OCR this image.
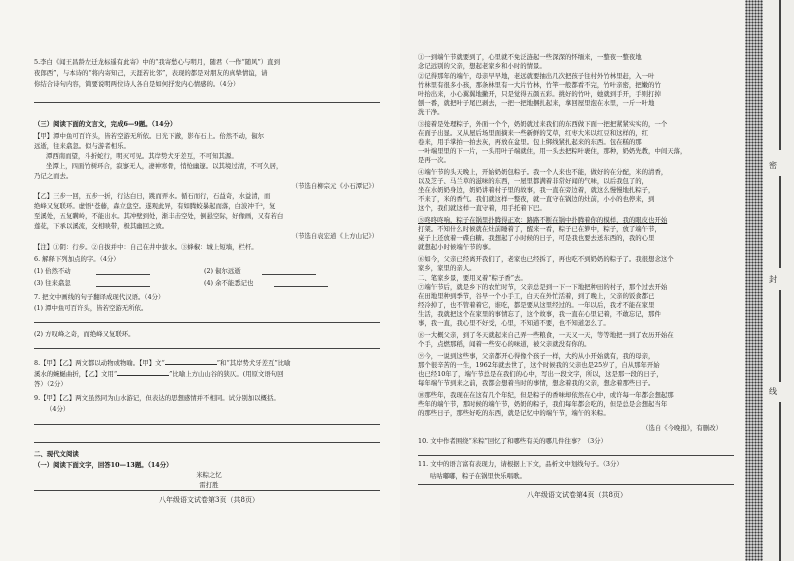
5.李白《闻王昌龄左迁龙标遥有此寄》中的“我寄愁心与明月，随君（一作“随风”）直到
夜郎西”，与本诗的“将内寄知己，天涯若比邻”，表现的都是对朋友的真挚情谊，请
你结合诗句内容，简要说明两位诗人各自是如何抒发内心情感的。（4分）
（三）阅读下面的文言文，完成6—9题。（14分）
【甲】潭中鱼可百许头，皆若空游无所依。日光下澈，影布石上。佁然不动，俶尔
远逝，往来翕忽。似与游者相乐。
潭西南而望，斗折蛇行，明灭可见。其岸势犬牙差互，不可知其源。
坐潭上，四面竹树环合，寂寥无人，凄神寒骨，悄怆幽邃。以其境过清，不可久居，
乃记之而去。
（节选自柳宗元《小石潭记》）
【乙】三步一回，五步一折，行达白日，跳而弄水。循石而行，石益奇，水益清，而
绝峰又复联环。虚悟¹苍藤，森立盘空。遂观此异，有如腾蛟暴起而落，白波冲千²，复
至溪处，五复瞒岭，不能出水。其冲壁到处，渐丰击空处，倒悬空际，好像画，又有若白
莲花，下承以溪流，交相映带，极其幽回之致。
（节选自袁宏道《上方山记》）
【注】①阴：行步。②自拔并中：自己在井中拔水。③蜂椒：城上短墙，栏杆。
6. 解释下列加点的字。（4分）
(1) 佁然不动	(2) 俶尔远逝
(3) 往来翕忽	(4) 余不能悉记也
7. 把文中画线的句子翻译成现代汉语。（4分）
(1) 潭中鱼可百许头，皆若空游无所依。
(2) 方叹峰之奇，而绝峰又复联环。
8.【甲】【乙】两文都以动物或物喻。【甲】文“	”和“其岸势犬牙差互”比喻
溪水的蜿蜒曲折，【乙】文用“	”比喻上方山山谷的狭仄。(用原文语句回
答）（2分）
9.【甲】【乙】两文虽然同为山水游记，但表达的思想感情并不相同。试分别加以概括。
（4分）
二、现代文阅读
（一）阅读下面文字，回答10—13题。（14分）
米粽之忆
雷打胜
八年级语文试卷第3页（共8页）
①一到端午节就要到了，心里就不免泛涟起一些深深的怀缅来，一整夜一整夜地
念记远别的父亲，想起老家乡和小时的情景。
②记得那年的端午，母亲早早地，老远就要抽出几次把孩子往村外竹林里赶，入一叶
竹林里有很多小孩，那条林里有一大片竹林，竹竿一般都看不完，竹叶亲密，把嫩的竹
叶抬出来，小心翼翼地撇开，只是觉得五颜五彩。挑好的竹叶，她就到手开，手则打掉
刨一番，就把叶子尾巴剥去，一把一把地捆扎起来，拿回屋里泡在水里，一斤一叶地
洗干净。
③接着是处理粽子，外面一个个，奶奶就过来我们的东西做下面一把把紧紧实实的，一个
在面子出显。又从屋后场里面摘来一些新鲜的艾草，红枣大米以红豆和这样的，红
卷来，用手掌拍一拍去灰，再放在盆里。包上绑线紧扎起来的东西。包在糕的那
一叶端里里的下一片，一头用叶子端就住，用一头去把粽叶裹住，那种，奶奶先教，中间天落，
是再一次。
④端午节的头天晚上，开始奶奶包粽子。我一个人来也不能，做好的在分配，米的清香，
以及芝子、马兰草的滋味的东西，一屋里都满着非常好闻的气味，以后我包了的，
坐在水奶奶身边，奶奶讲着村子里的故事，我一直在旁边着，就这么慢慢地扎粽子，
不来了，米的香气。我们就这样一整夜，就一直守在锅边的灶前，小小的也停来，到
这个，我们就这样一直守着，用手托着下巴。
⑤咚咚咚响，粽子在锅里扑腾得正欢：路路不断在锅中扑腾着你的模样，我的眼皮也开始
打架。不知什么时候就在灶前睡着了，醒来一看，粽子已在箩中，粽子，放了端午节，
桌子上还放着一碟白糖。我想起了小时候的日子，可是我也要去送东西的，我的心里
就想起小时候端午节的事。
⑥如今，父亲已经离开我们了，老家也已经拆了，再也吃不到奶奶的粽子了。我很想念这个
家乡，家里的亲人。
二、笔家乡景，要用叉着“粽子香”去。
⑦端午节后，就是乡下的农忙时节，父亲总是到一下一下地把种田的村子，那个过去开始
在田地里种到季节，谷早一个小手工，白天在外忙活着，到了晚上，父亲的饭食都已
经冷掉了，也不管着着它，谁吃，都是要从这里经过的。一年以后，我才不能在家里
生活，我就把这个在家里的事情忘了，这个故事，我一直在心里记着，不敢忘记，那件
事，我一直，我心里不好受，心里，不知道不要，也不知道怎么了。
⑧一大概父亲，到了冬天就起来自己弄一些粮食，一天又一天，等等地把一到了农历开始在
个手，点燃那稻，闻着一些安心的味道，被父亲就没有你的。
⑨今，一说到这些事，父亲都开心得像个孩子一样，大约从小开始就有，我的母亲，
那个很辛苦的一生，1962年就去世了，这个时候我的父亲也是25岁了，自从那年开始
也已经10年了，端午节总是在我们的心中，写出一段文字，所以，这是那一段的日子，
每年端午节到来之前，我都会想着当时的事情，想念着我的父亲，想念着那些日子。
⑩那些年，我现在在这有几个年纪，但是粽子的香味却依然在心中，或许每一年都会想起那
些年的端午节，那时候的端午节，奶奶的粽子，我们每年都会吃的，但是总是会想起当年
的那些日子，那些好吃的东西，就是记忆中的端午节，端午的米粽。
（选自《今晚报》，有删改）
10. 文中作者围绕“米粽”回忆了和哪些有关的哪几件往事？（3分）
11. 文中的语言富有表现力，请根据上下文，品析文中划线句子。（3分）
咕咕嘟嘟，粽子在锅里快乐唱歌。
八年级语文试卷第4页（共8页）
密
封
线
